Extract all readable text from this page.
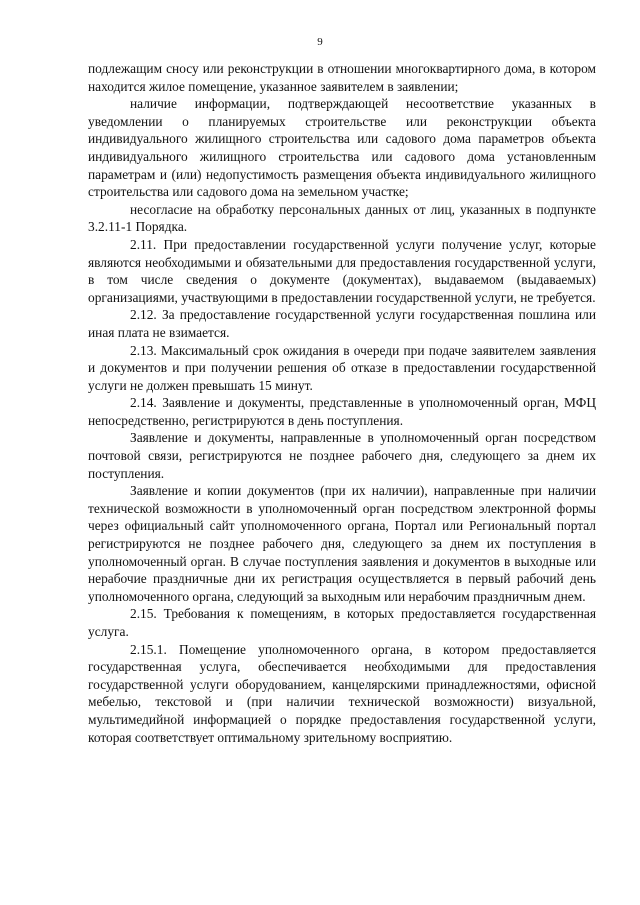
9

подлежащим сносу или реконструкции в отношении многоквартирного дома, в котором находится жилое помещение, указанное заявителем в заявлении;

наличие информации, подтверждающей несоответствие указанных в уведомлении о планируемых строительстве или реконструкции объекта индивидуального жилищного строительства или садового дома параметров объекта индивидуального жилищного строительства или садового дома установленным параметрам и (или) недопустимость размещения объекта индивидуального жилищного строительства или садового дома на земельном участке;

несогласие на обработку персональных данных от лиц, указанных в подпункте 3.2.11-1 Порядка.

2.11. При предоставлении государственной услуги получение услуг, которые являются необходимыми и обязательными для предоставления государственной услуги, в том числе сведения о документе (документах), выдаваемом (выдаваемых) организациями, участвующими в предоставлении государственной услуги, не требуется.

2.12. За предоставление государственной услуги государственная пошлина или иная плата не взимается.

2.13. Максимальный срок ожидания в очереди при подаче заявителем заявления и документов и при получении решения об отказе в предоставлении государственной услуги не должен превышать 15 минут.

2.14. Заявление и документы, представленные в уполномоченный орган, МФЦ непосредственно, регистрируются в день поступления.

Заявление и документы, направленные в уполномоченный орган посредством почтовой связи, регистрируются не позднее рабочего дня, следующего за днем их поступления.

Заявление и копии документов (при их наличии), направленные при наличии технической возможности в уполномоченный орган посредством электронной формы через официальный сайт уполномоченного органа, Портал или Региональный портал регистрируются не позднее рабочего дня, следующего за днем их поступления в уполномоченный орган. В случае поступления заявления и документов в выходные или нерабочие праздничные дни их регистрация осуществляется в первый рабочий день уполномоченного органа, следующий за выходным или нерабочим праздничным днем.

2.15. Требования к помещениям, в которых предоставляется государственная услуга.

2.15.1. Помещение уполномоченного органа, в котором предоставляется государственная услуга, обеспечивается необходимыми для предоставления государственной услуги оборудованием, канцелярскими принадлежностями, офисной мебелью, текстовой и (при наличии технической возможности) визуальной, мультимедийной информацией о порядке предоставления государственной услуги, которая соответствует оптимальному зрительному восприятию.
